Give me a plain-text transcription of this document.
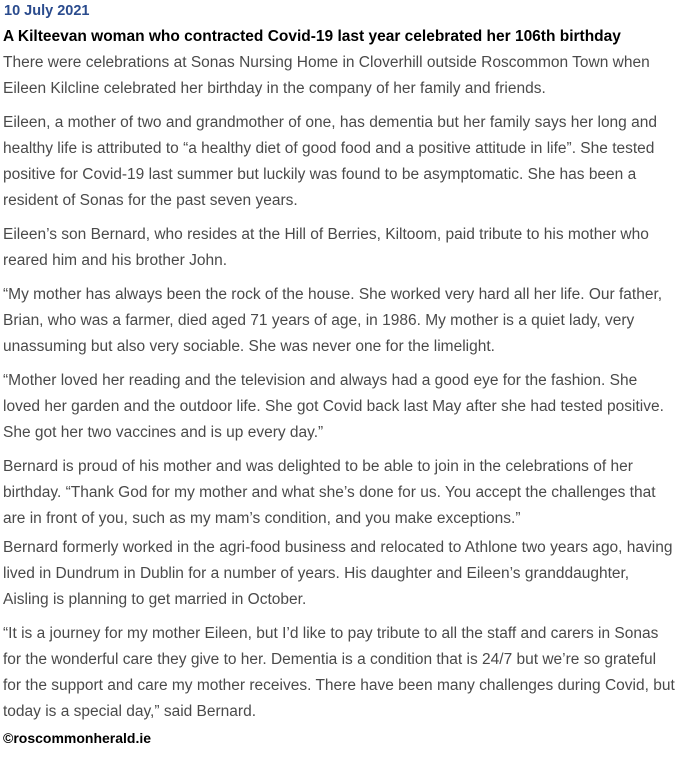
10 July 2021
A Kilteevan woman who contracted Covid-19 last year celebrated her 106th birthday

There were celebrations at Sonas Nursing Home in Cloverhill outside Roscommon Town when Eileen Kilcline celebrated her birthday in the company of her family and friends.

Eileen, a mother of two and grandmother of one, has dementia but her family says her long and healthy life is attributed to “a healthy diet of good food and a positive attitude in life”. She tested positive for Covid-19 last summer but luckily was found to be asymptomatic. She has been a resident of Sonas for the past seven years.

Eileen’s son Bernard, who resides at the Hill of Berries, Kiltoom, paid tribute to his mother who reared him and his brother John.

“My mother has always been the rock of the house. She worked very hard all her life. Our father, Brian, who was a farmer, died aged 71 years of age, in 1986. My mother is a quiet lady, very unassuming but also very sociable. She was never one for the limelight.

“Mother loved her reading and the television and always had a good eye for the fashion. She loved her garden and the outdoor life. She got Covid back last May after she had tested positive. She got her two vaccines and is up every day.”

Bernard is proud of his mother and was delighted to be able to join in the celebrations of her birthday. “Thank God for my mother and what she’s done for us. You accept the challenges that are in front of you, such as my mam’s condition, and you make exceptions.”

Bernard formerly worked in the agri-food business and relocated to Athlone two years ago, having lived in Dundrum in Dublin for a number of years. His daughter and Eileen’s granddaughter, Aisling is planning to get married in October.

“It is a journey for my mother Eileen, but I’d like to pay tribute to all the staff and carers in Sonas for the wonderful care they give to her. Dementia is a condition that is 24/7 but we’re so grateful for the support and care my mother receives. There have been many challenges during Covid, but today is a special day,” said Bernard.

©roscommonherald.ie
